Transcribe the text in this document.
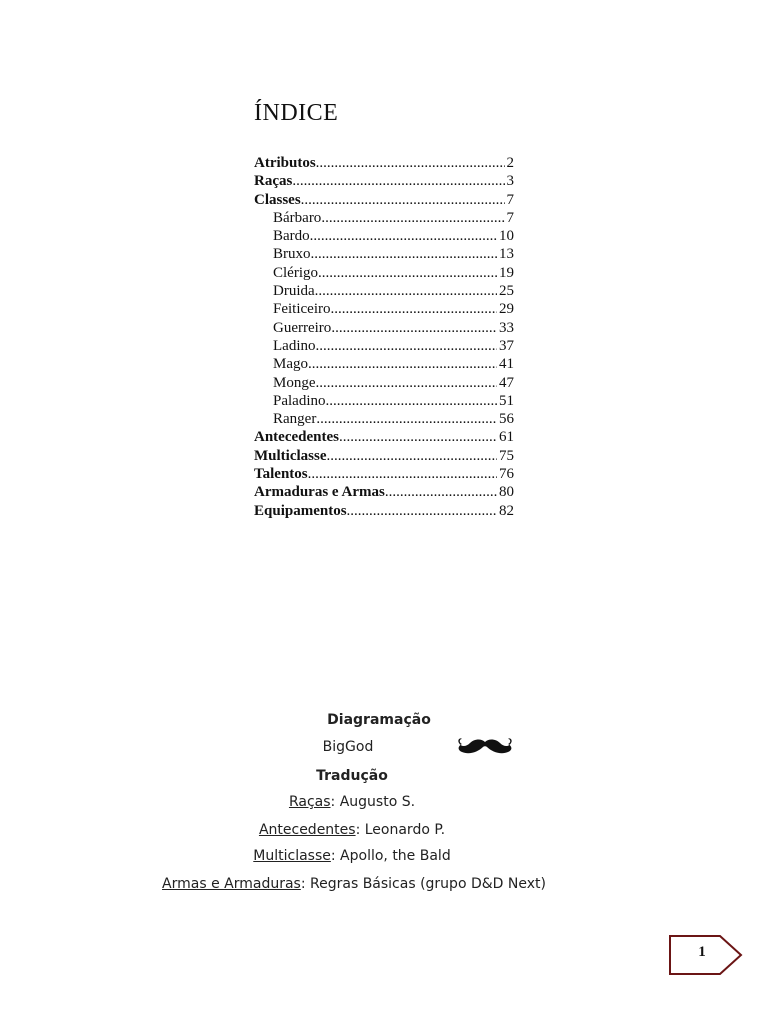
ÍNDICE
Atributos .....	2
Raças .....	3
Classes .....	7
Bárbaro .....	7
Bardo .....	10
Bruxo .....	13
Clérigo .....	19
Druida .....	25
Feiticeiro .....	29
Guerreiro .....	33
Ladino .....	37
Mago .....	41
Monge .....	47
Paladino .....	51
Ranger .....	56
Antecedentes .....	61
Multiclasse .....	75
Talentos .....	76
Armaduras e Armas .....	80
Equipamentos .....	82
Diagramação
BigGod
Tradução
Raças: Augusto S.
Antecedentes: Leonardo P.
Multiclasse: Apollo, the Bald
Armas e Armaduras: Regras Básicas (grupo D&D Next)
1
